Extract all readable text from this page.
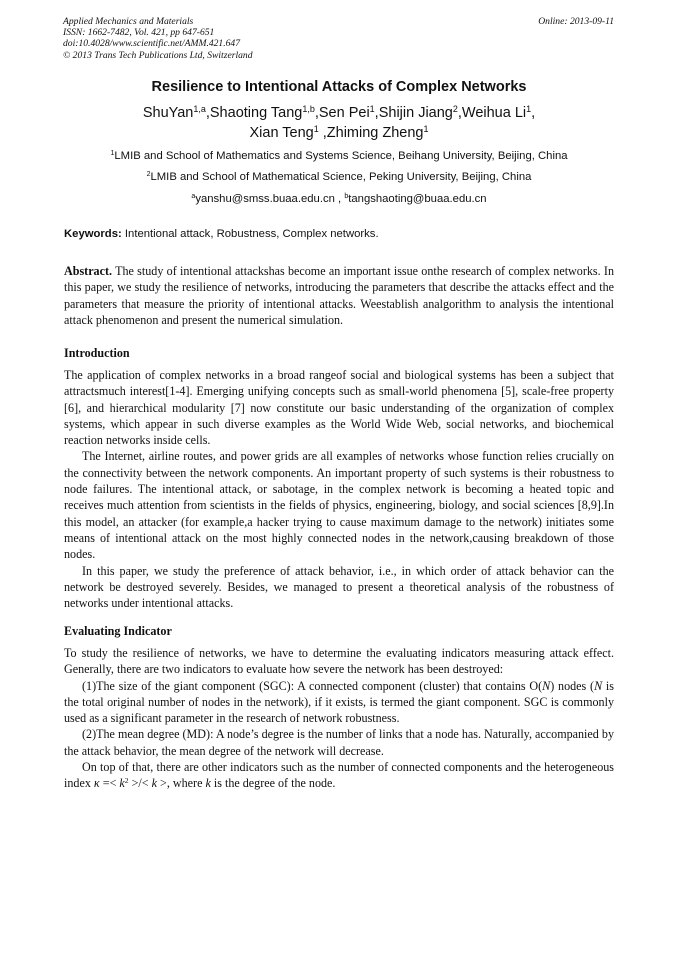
Applied Mechanics and Materials
ISSN: 1662-7482, Vol. 421, pp 647-651
doi:10.4028/www.scientific.net/AMM.421.647
© 2013 Trans Tech Publications Ltd, Switzerland
Online: 2013-09-11
Resilience to Intentional Attacks of Complex Networks
ShuYan$^{1,a}$,Shaoting Tang$^{1,b}$,Sen Pei$^1$,Shijin Jiang$^2$,Weihua Li$^1$,
Xian Teng$^1$ ,Zhiming Zheng$^1$
$^1$LMIB and School of Mathematics and Systems Science, Beihang University, Beijing, China
$^2$LMIB and School of Mathematical Science, Peking University, Beijing, China
$^a$yanshu@smss.buaa.edu.cn , $^b$tangshaoting@buaa.edu.cn
Keywords: Intentional attack, Robustness, Complex networks.

Abstract. The study of intentional attackshas become an important issue onthe research of complex networks. In this paper, we study the resilience of networks, introducing the parameters that describe the attacks effect and the parameters that measure the priority of intentional attacks. Weestablish analgorithm to analysis the intentional attack phenomenon and present the numerical simulation.

Introduction

The application of complex networks in a broad rangeof social and biological systems has been a subject that attractsmuch interest[1-4]. Emerging unifying concepts such as small-world phenomena [5], scale-free property [6], and hierarchical modularity [7] now constitute our basic understanding of the organization of complex systems, which appear in such diverse examples as the World Wide Web, social networks, and biochemical reaction networks inside cells.

The Internet, airline routes, and power grids are all examples of networks whose function relies crucially on the connectivity between the network components. An important property of such systems is their robustness to node failures. The intentional attack, or sabotage, in the complex network is becoming a heated topic and receives much attention from scientists in the fields of physics, engineering, biology, and social sciences [8,9].In this model, an attacker (for example,a hacker trying to cause maximum damage to the network) initiates some means of intentional attack on the most highly connected nodes in the network,causing breakdown of those nodes.

In this paper, we study the preference of attack behavior, i.e., in which order of attack behavior can the network be destroyed severely. Besides, we managed to present a theoretical analysis of the robustness of networks under intentional attacks.

Evaluating Indicator

To study the resilience of networks, we have to determine the evaluating indicators measuring attack effect. Generally, there are two indicators to evaluate how severe the network has been destroyed:

(1)The size of the giant component (SGC): A connected component (cluster) that contains O(N) nodes (N is the total original number of nodes in the network), if it exists, is termed the giant component. SGC is commonly used as a significant parameter in the research of network robustness.

(2)The mean degree (MD): A node’s degree is the number of links that a node has. Naturally, accompanied by the attack behavior, the mean degree of the network will decrease.

On top of that, there are other indicators such as the number of connected components and the heterogeneous index $\kappa =< k^2$ >/< k >, where k is the degree of the node.
